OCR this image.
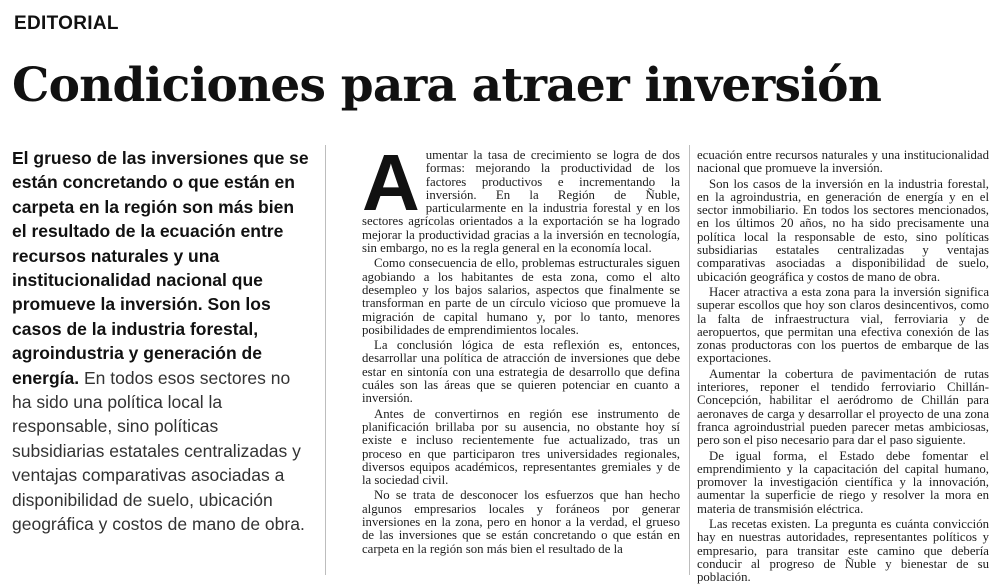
EDITORIAL
Condiciones para atraer inversión
El grueso de las inversiones que se están concretando o que están en carpeta en la región son más bien el resultado de la ecuación entre recursos naturales y una institucionalidad nacional que promueve la inversión. Son los casos de la industria forestal, agroindustria y generación de energía. En todos esos sectores no ha sido una política local la responsable, sino políticas subsidiarias estatales centralizadas y ventajas comparativas asociadas a disponibilidad de suelo, ubicación geográfica y costos de mano de obra.

Aumentar la tasa de crecimiento se logra de dos formas: mejorando la productividad de los factores productivos e incrementando la inversión. En la Región de Ñuble, particularmente en la industria forestal y en los sectores agrícolas orientados a la exportación se ha logrado mejorar la productividad gracias a la inversión en tecnología, sin embargo, no es la regla general en la economía local.

Como consecuencia de ello, problemas estructurales siguen agobiando a los habitantes de esta zona, como el alto desempleo y los bajos salarios, aspectos que finalmente se transforman en parte de un círculo vicioso que promueve la migración de capital humano y, por lo tanto, menores posibilidades de emprendimientos locales.

La conclusión lógica de esta reflexión es, entonces, desarrollar una política de atracción de inversiones que debe estar en sintonía con una estrategia de desarrollo que defina cuáles son las áreas que se quieren potenciar en cuanto a inversión.

Antes de convertirnos en región ese instrumento de planificación brillaba por su ausencia, no obstante hoy sí existe e incluso recientemente fue actualizado, tras un proceso en que participaron tres universidades regionales, diversos equipos académicos, representantes gremiales y de la sociedad civil.

No se trata de desconocer los esfuerzos que han hecho algunos empresarios locales y foráneos por generar inversiones en la zona, pero en honor a la verdad, el grueso de las inversiones que se están concretando o que están en carpeta en la región son más bien el resultado de la

ecuación entre recursos naturales y una institucionalidad nacional que promueve la inversión.

Son los casos de la inversión en la industria forestal, en la agroindustria, en generación de energía y en el sector inmobiliario. En todos los sectores mencionados, en los últimos 20 años, no ha sido precisamente una política local la responsable de esto, sino políticas subsidiarias estatales centralizadas y ventajas comparativas asociadas a disponibilidad de suelo, ubicación geográfica y costos de mano de obra.

Hacer atractiva a esta zona para la inversión significa superar escollos que hoy son claros desincentivos, como la falta de infraestructura vial, ferroviaria y de aeropuertos, que permitan una efectiva conexión de las zonas productoras con los puertos de embarque de las exportaciones.

Aumentar la cobertura de pavimentación de rutas interiores, reponer el tendido ferroviario Chillán-Concepción, habilitar el aeródromo de Chillán para aeronaves de carga y desarrollar el proyecto de una zona franca agroindustrial pueden parecer metas ambiciosas, pero son el piso necesario para dar el paso siguiente.

De igual forma, el Estado debe fomentar el emprendimiento y la capacitación del capital humano, promover la investigación científica y la innovación, aumentar la superficie de riego y resolver la mora en materia de transmisión eléctrica.

Las recetas existen. La pregunta es cuánta convicción hay en nuestras autoridades, representantes políticos y empresario, para transitar este camino que debería conducir al progreso de Ñuble y bienestar de su población.
